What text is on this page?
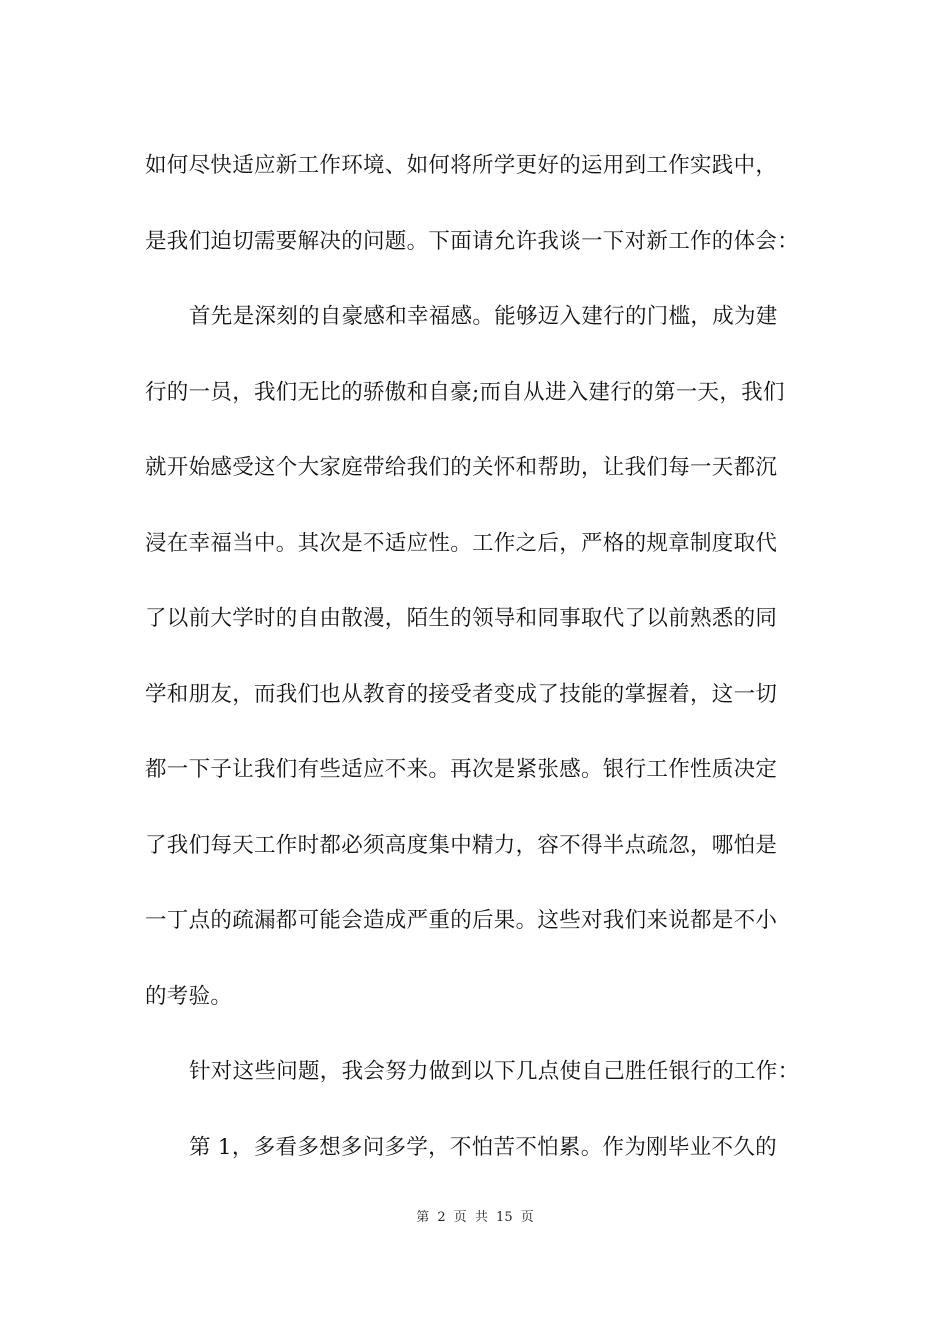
如何尽快适应新工作环境、如何将所学更好的运用到工作实践中，
是我们迫切需要解决的问题。下面请允许我谈一下对新工作的体会：
首先是深刻的自豪感和幸福感。能够迈入建行的门槛，成为建
行的一员，我们无比的骄傲和自豪;而自从进入建行的第一天，我们
就开始感受这个大家庭带给我们的关怀和帮助，让我们每一天都沉
浸在幸福当中。其次是不适应性。工作之后，严格的规章制度取代
了以前大学时的自由散漫，陌生的领导和同事取代了以前熟悉的同
学和朋友，而我们也从教育的接受者变成了技能的掌握着，这一切
都一下子让我们有些适应不来。再次是紧张感。银行工作性质决定
了我们每天工作时都必须高度集中精力，容不得半点疏忽，哪怕是
一丁点的疏漏都可能会造成严重的后果。这些对我们来说都是不小
的考验。
针对这些问题，我会努力做到以下几点使自己胜任银行的工作：
第 1，多看多想多问多学，不怕苦不怕累。作为刚毕业不久的
第 2 页 共 15 页
